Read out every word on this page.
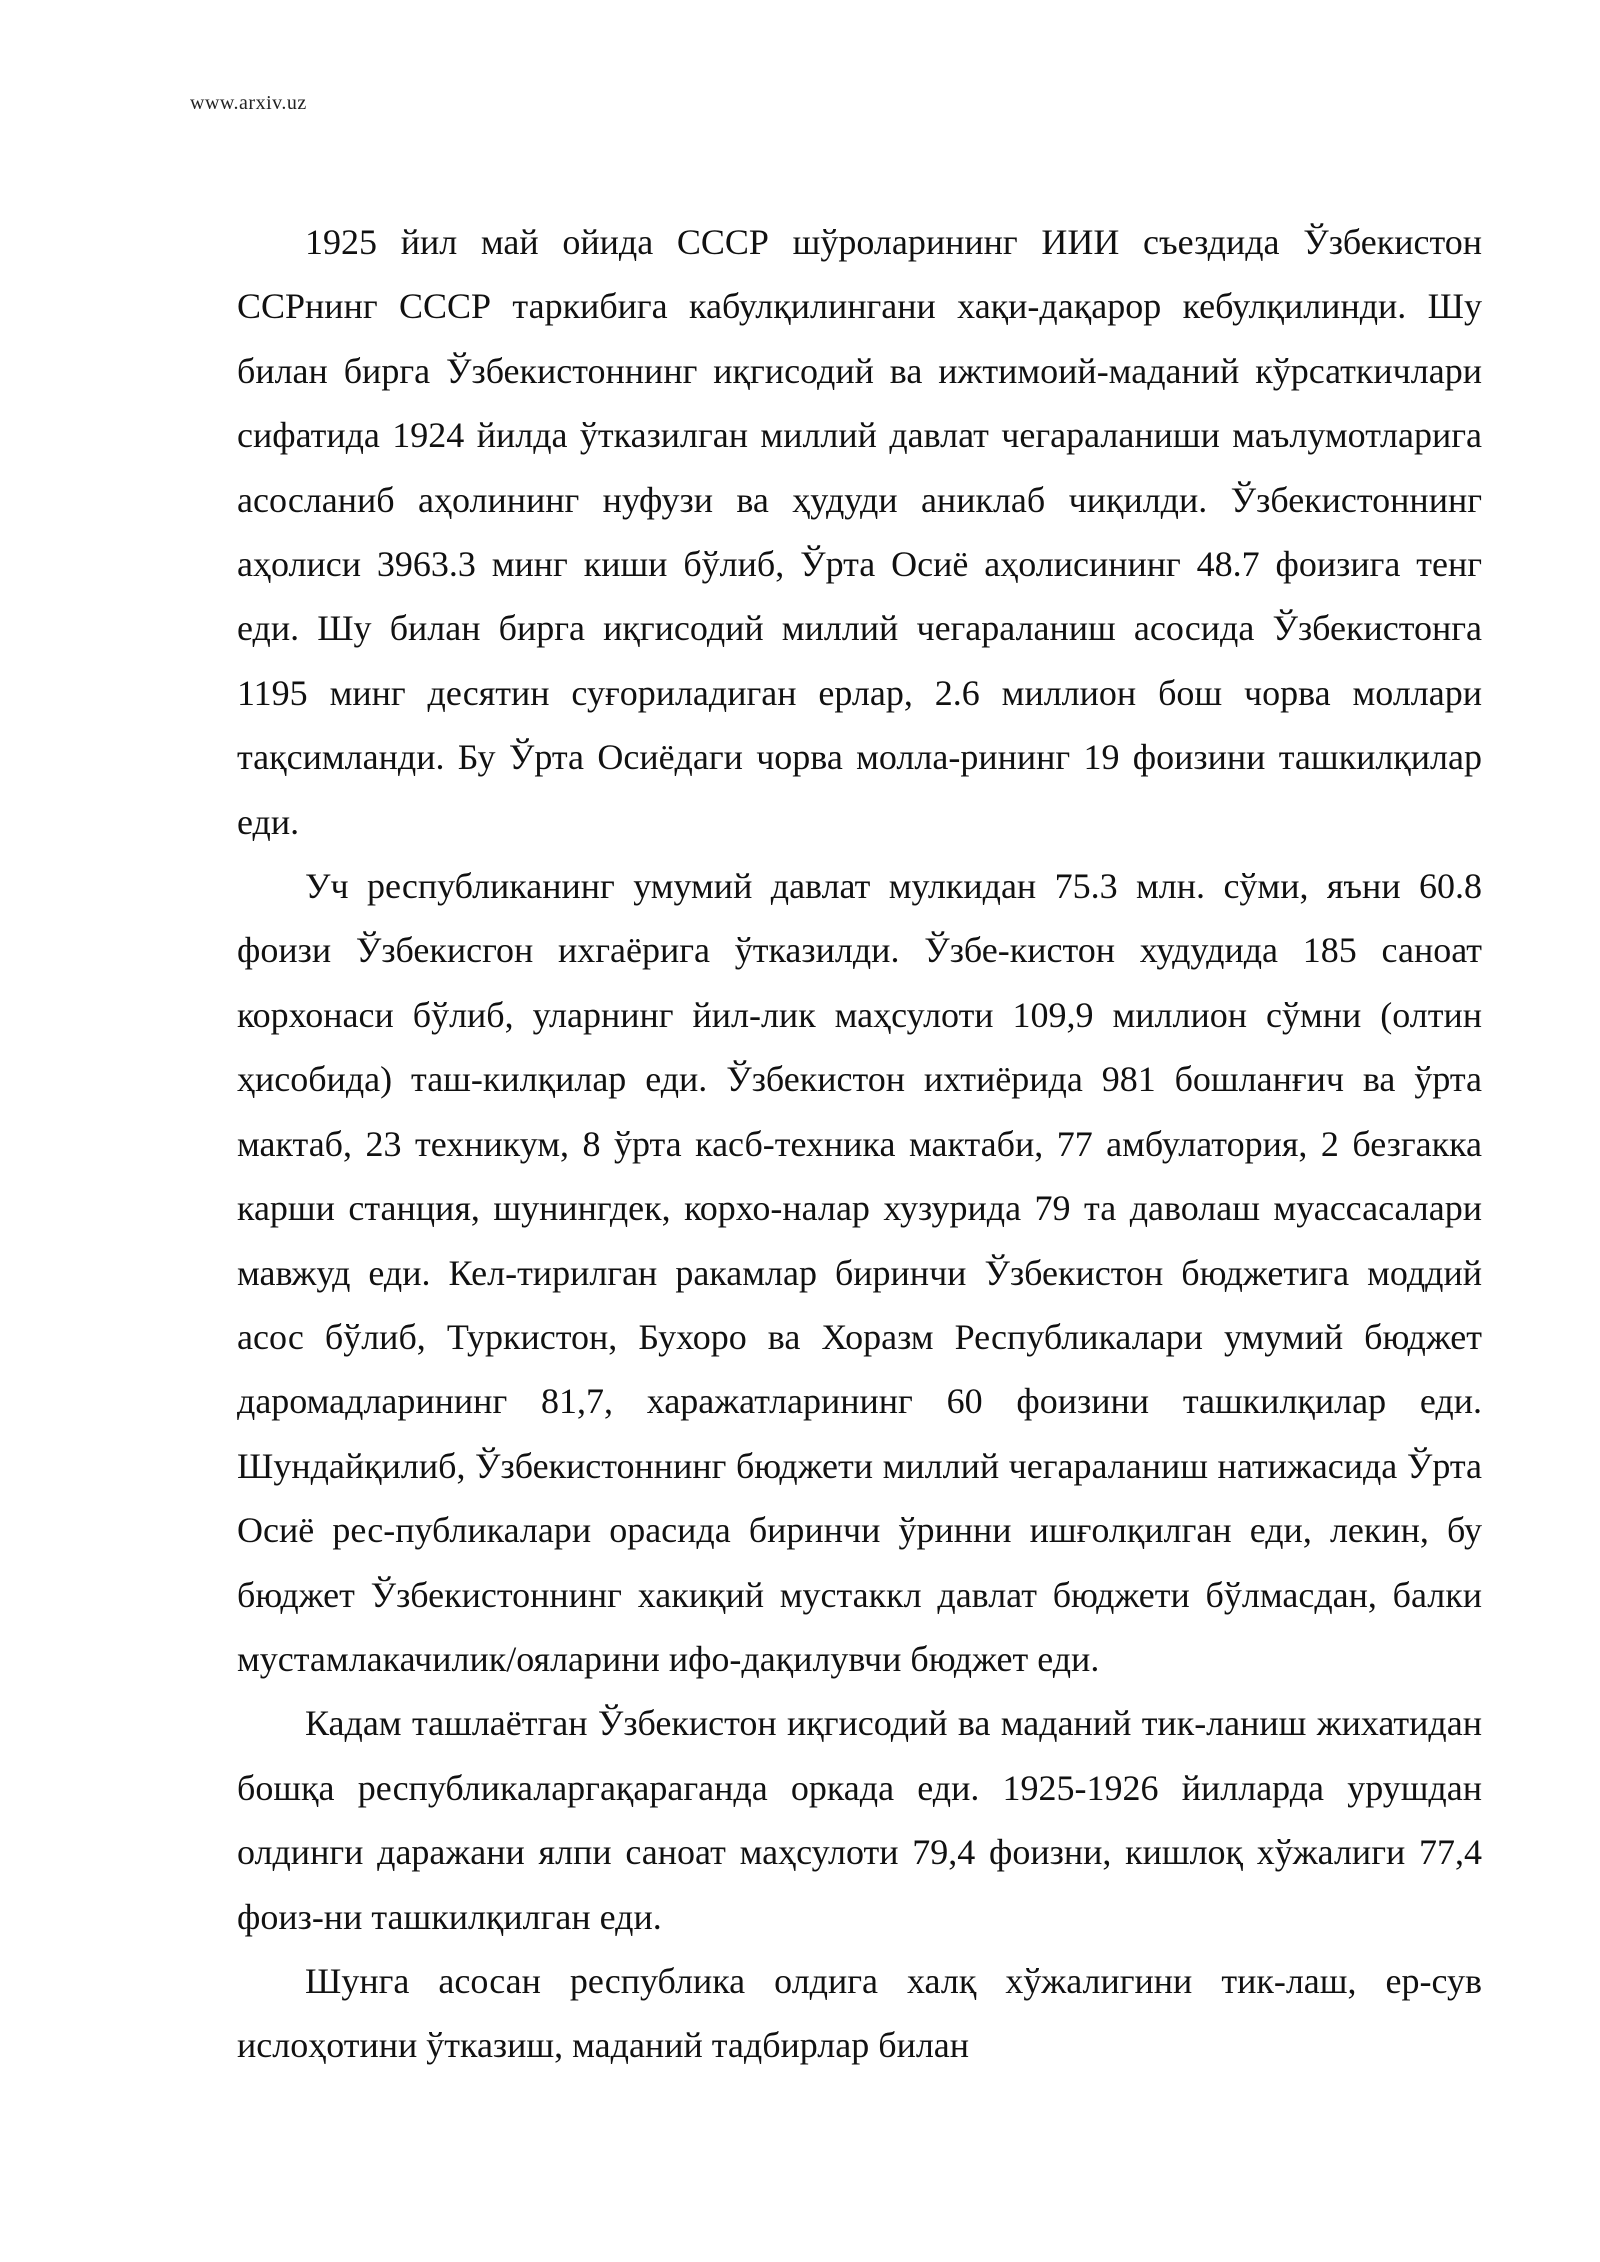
www.arxiv.uz

1925 йил май ойида СССР шўроларининг ИИИ съездида Ўзбекистон ССРнинг СССР таркибига кабулқилингани хақи-дақарор кебулқилинди. Шу билан бирга Ўзбекистоннинг иқгисодий ва ижтимоий-маданий кўрсаткичлари сифатида 1924 йилда ўтказилган миллий давлат чегараланиши маълумотларига асосланиб аҳолининг нуфузи ва ҳудуди аниклаб чиқилди. Ўзбекистоннинг аҳолиси 3963.3 минг киши бўлиб, Ўрта Осиё аҳолисининг 48.7 фоизига тенг еди. Шу билан бирга иқгисодий миллий чегараланиш асосида Ўзбекистонга 1195 минг десятин суғориладиган ерлар, 2.6 миллион бош чорва моллари тақсимланди. Бу Ўрта Осиёдаги чорва молла-рининг 19 фоизини ташкилқилар еди.

Уч республиканинг умумий давлат мулкидан 75.3 млн. сўми, яъни 60.8 фоизи Ўзбекисгон ихгаёрига ўтказилди. Ўзбе-кистон худудида 185 саноат корхонаси бўлиб, уларнинг йил-лик маҳсулоти 109,9 миллион сўмни (олтин ҳисобида) таш-килқилар еди. Ўзбекистон ихтиёрида 981 бошланғич ва ўрта мактаб, 23 техникум, 8 ўрта касб-техника мактаби, 77 амбулатория, 2 безгакка карши станция, шунингдек, корхо-налар хузурида 79 та даволаш муассасалари мавжуд еди. Кел-тирилган ракамлар биринчи Ўзбекистон бюджетига моддий асос бўлиб, Туркистон, Бухоро ва Хоразм Республикалари умумий бюджет даромадларининг 81,7, харажатларининг 60 фоизини ташкилқилар еди. Шундайқилиб, Ўзбекистоннинг бюджети миллий чегараланиш натижасида Ўрта Осиё рес-публикалари орасида биринчи ўринни ишғолқилган еди, лекин, бу бюджет Ўзбекистоннинг хакиқий мустаккл давлат бюджети бўлмасдан, балки мустамлакачилик/ояларини ифо-дақилувчи бюджет еди.

Кадам ташлаётган Ўзбекистон иқгисодий ва маданий тик-ланиш жихатидан бошқа республикаларгақараганда оркада еди. 1925-1926 йилларда урушдан олдинги даражани ялпи саноат маҳсулоти 79,4 фоизни, кишлоқ хўжалиги 77,4 фоиз-ни ташкилқилган еди.

Шунга асосан республика олдига халқ хўжалигини тик-лаш, ер-сув ислоҳотини ўтказиш, маданий тадбирлар билан
